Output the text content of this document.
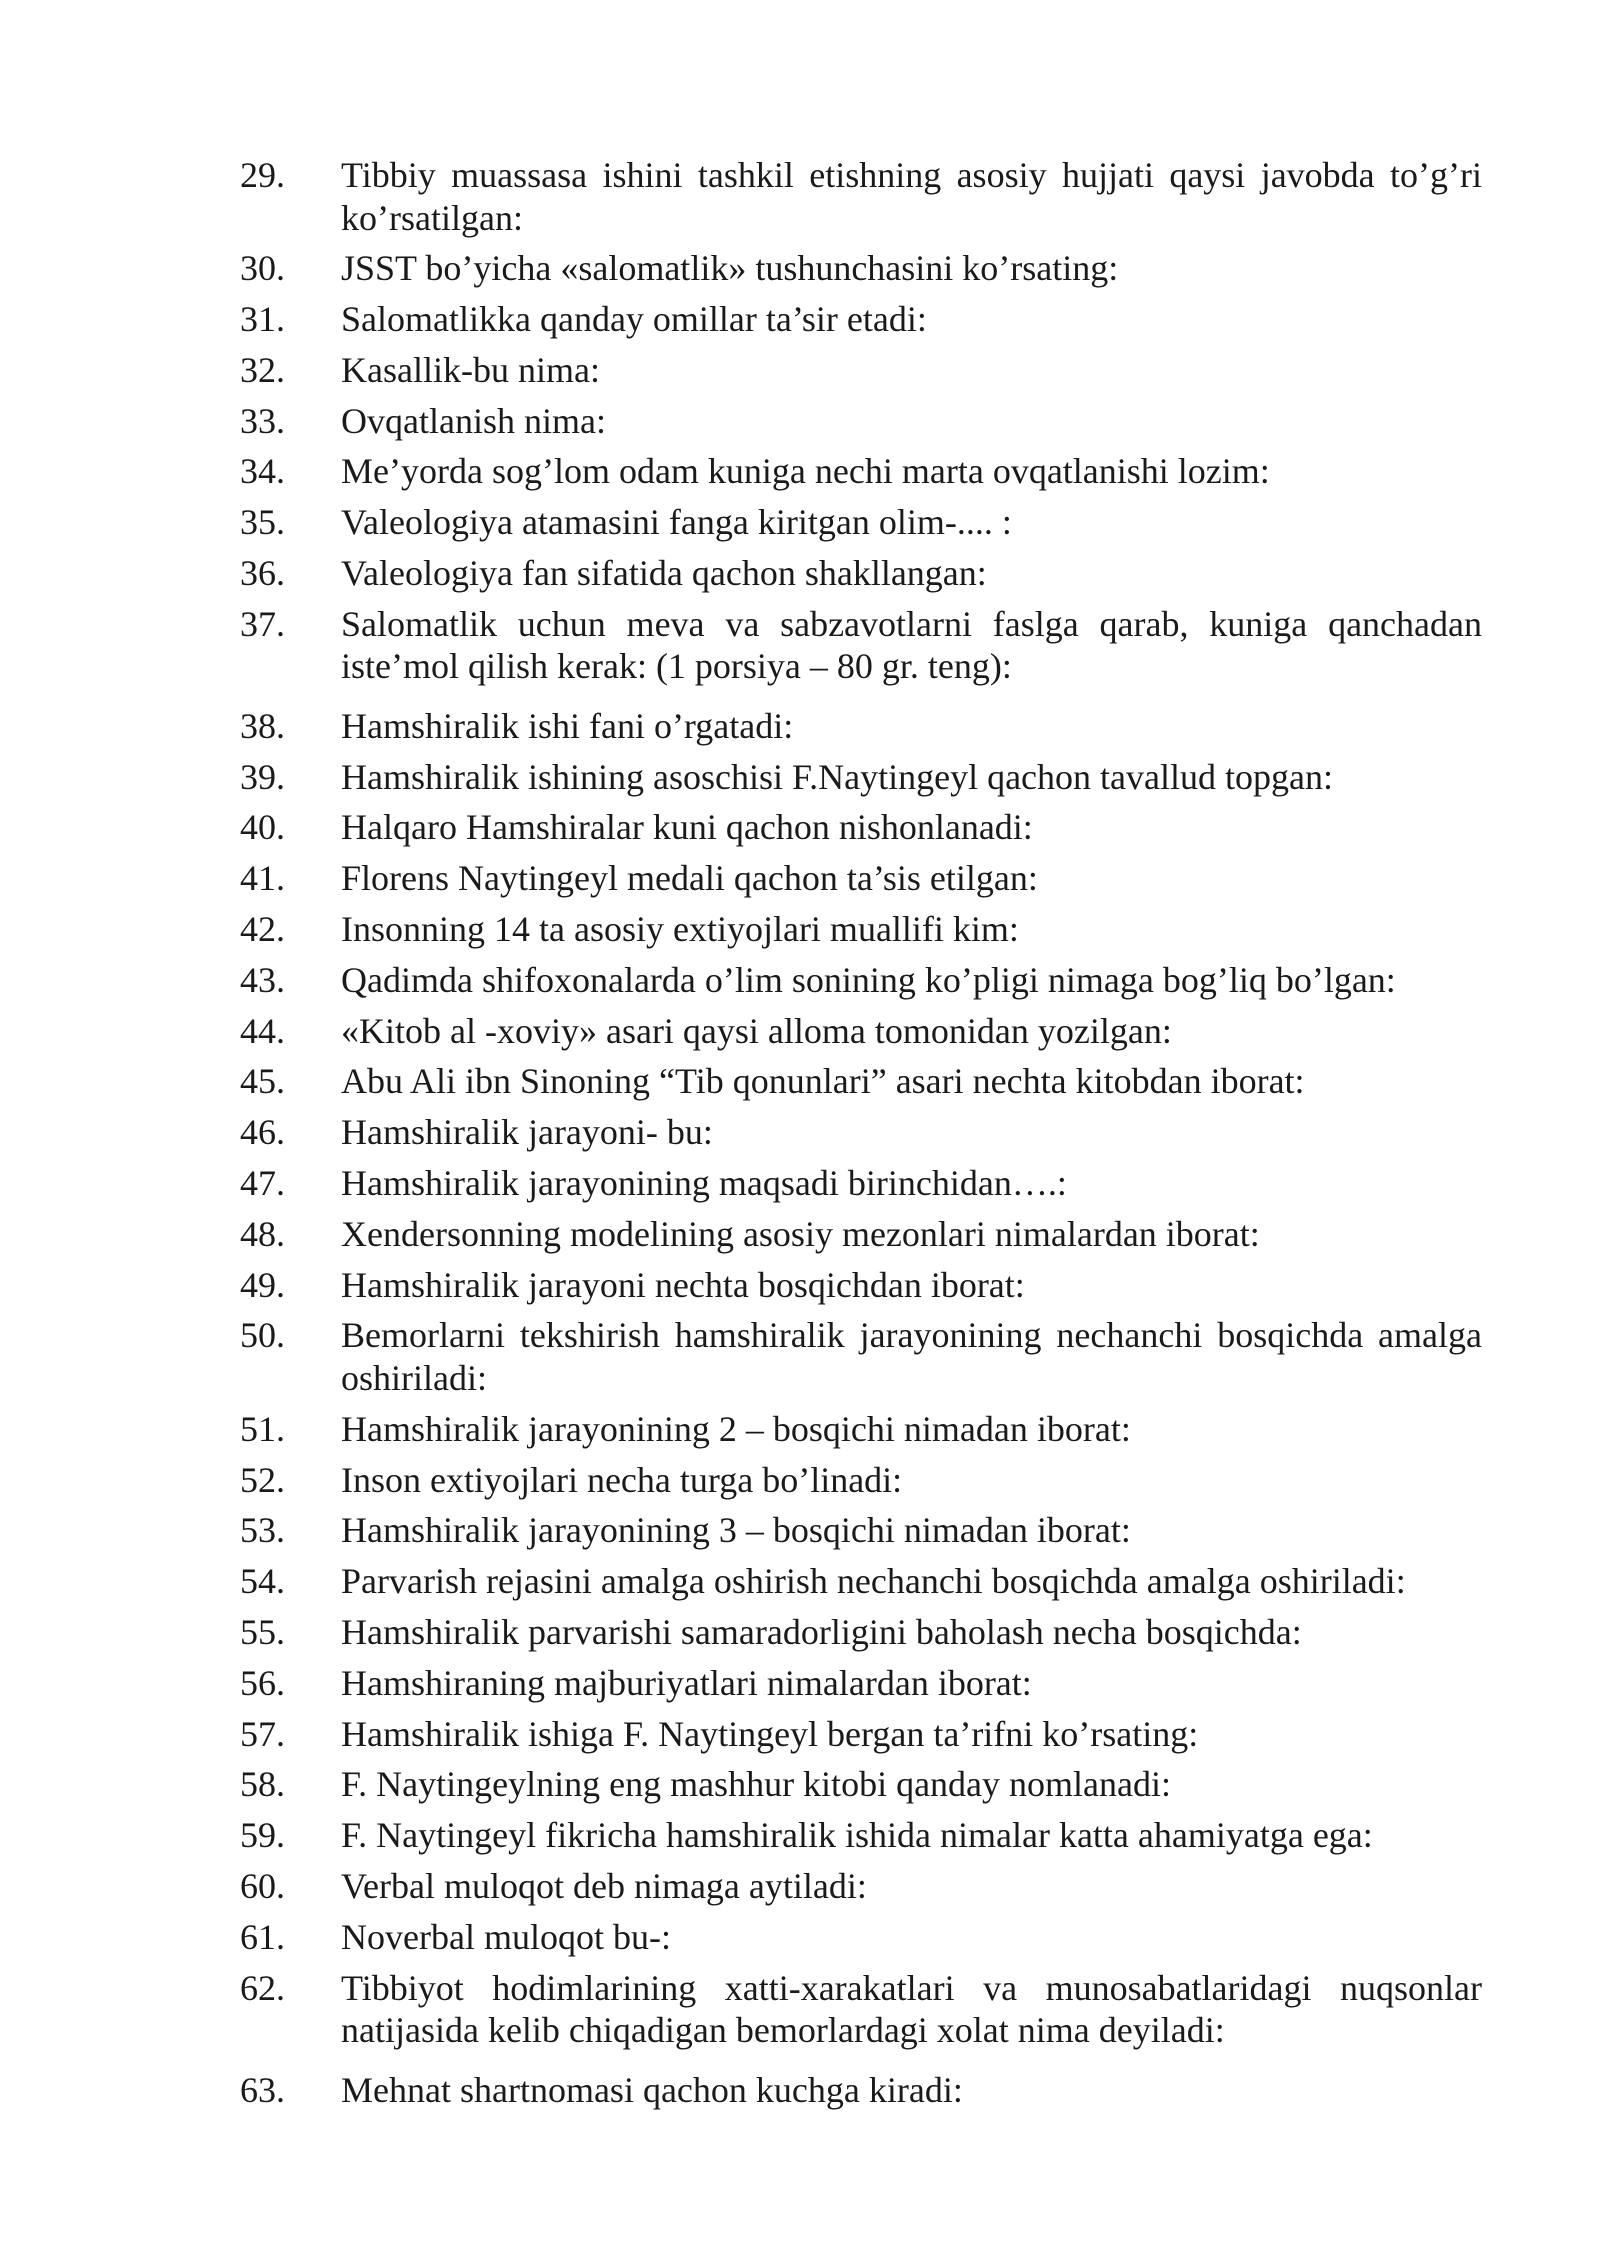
29.	Tibbiy muassasa ishini tashkil etishning asosiy hujjati qaysi javobda to’g’ri ko’rsatilgan:
30.	JSST bo’yicha «salomatlik» tushunchasini ko’rsating:
31.	Salomatlikka qanday omillar ta’sir etadi:
32.	Kasallik-bu nima:
33.	Ovqatlanish nima:
34.	Me’yorda sog’lom odam kuniga nechi marta ovqatlanishi lozim:
35.	Valeologiya atamasini fanga kiritgan olim-.... :
36.	Valeologiya fan sifatida qachon shakllangan:
37.	Salomatlik uchun meva va sabzavotlarni faslga qarab, kuniga qanchadan iste’mol qilish kerak: (1 porsiya – 80 gr. teng):
38.	Hamshiralik ishi fani o’rgatadi:
39.	Hamshiralik ishining asoschisi F.Naytingeyl qachon tavallud topgan:
40.	Halqaro Hamshiralar kuni qachon nishonlanadi:
41.	Florens Naytingeyl medali qachon ta’sis etilgan:
42.	Insonning 14 ta asosiy extiyojlari muallifi kim:
43.	Qadimda shifoxonalarda o’lim sonining ko’pligi nimaga bog’liq bo’lgan:
44.	«Kitob al -xoviy» asari qaysi alloma tomonidan yozilgan:
45.	Abu Ali ibn Sinoning “Tib qonunlari” asari nechta kitobdan iborat:
46.	Hamshiralik jarayoni- bu:
47.	Hamshiralik jarayonining maqsadi birinchidan….:
48.	Xendersonning modelining asosiy mezonlari nimalardan iborat:
49.	Hamshiralik jarayoni nechta bosqichdan iborat:
50.	Bemorlarni tekshirish hamshiralik jarayonining nechanchi bosqichda amalga oshiriladi:
51.	Hamshiralik jarayonining 2 – bosqichi nimadan iborat:
52.	Inson extiyojlari necha turga bo’linadi:
53.	Hamshiralik jarayonining 3 – bosqichi nimadan iborat:
54.	Parvarish rejasini amalga oshirish nechanchi bosqichda amalga oshiriladi:
55.	Hamshiralik parvarishi samaradorligini baholash necha bosqichda:
56.	Hamshiraning majburiyatlari nimalardan iborat:
57.	Hamshiralik ishiga F. Naytingeyl bergan ta’rifni ko’rsating:
58.	F. Naytingeylning eng mashhur kitobi qanday nomlanadi:
59.	F. Naytingeyl fikricha hamshiralik ishida nimalar katta ahamiyatga ega:
60.	Verbal muloqot deb nimaga aytiladi:
61.	Noverbal muloqot bu-:
62.	Tibbiyot hodimlarining xatti-xarakatlari va munosabatlaridagi nuqsonlar natijasida kelib chiqadigan bemorlardagi xolat nima deyiladi:
63.	Mehnat shartnomasi qachon kuchga kiradi:
